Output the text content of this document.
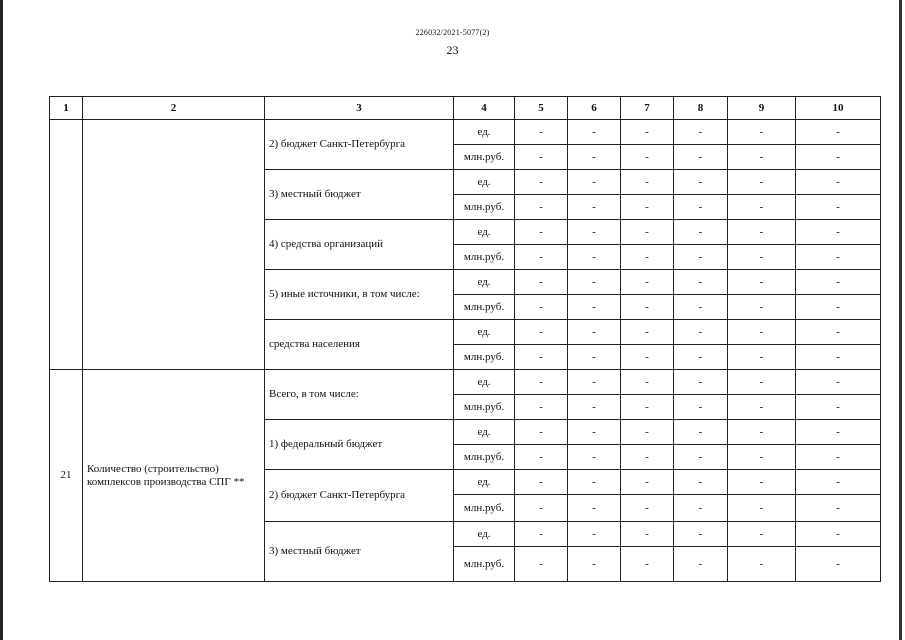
226032/2021-5077(2)
23
1	2	3	4	5	6	7	8	9	10
		2) бюджет Санкт-Петербурга	ед.	-	-	-	-	-	-
			млн.руб.	-	-	-	-	-	-
		3) местный бюджет	ед.	-	-	-	-	-	-
			млн.руб.	-	-	-	-	-	-
		4) средства организаций	ед.	-	-	-	-	-	-
			млн.руб.	-	-	-	-	-	-
		5) иные источники, в том числе:	ед.	-	-	-	-	-	-
			млн.руб.	-	-	-	-	-	-
		средства населения	ед.	-	-	-	-	-	-
			млн.руб.	-	-	-	-	-	-
21	Количество (строительство) комплексов производства СПГ **	Всего, в том числе:	ед.	-	-	-	-	-	-
			млн.руб.	-	-	-	-	-	-
		1) федеральный бюджет	ед.	-	-	-	-	-	-
			млн.руб.	-	-	-	-	-	-
		2) бюджет Санкт-Петербурга	ед.	-	-	-	-	-	-
			млн.руб.	-	-	-	-	-	-
		3) местный бюджет	ед.	-	-	-	-	-	-
			млн.руб.	-	-	-	-	-	-
